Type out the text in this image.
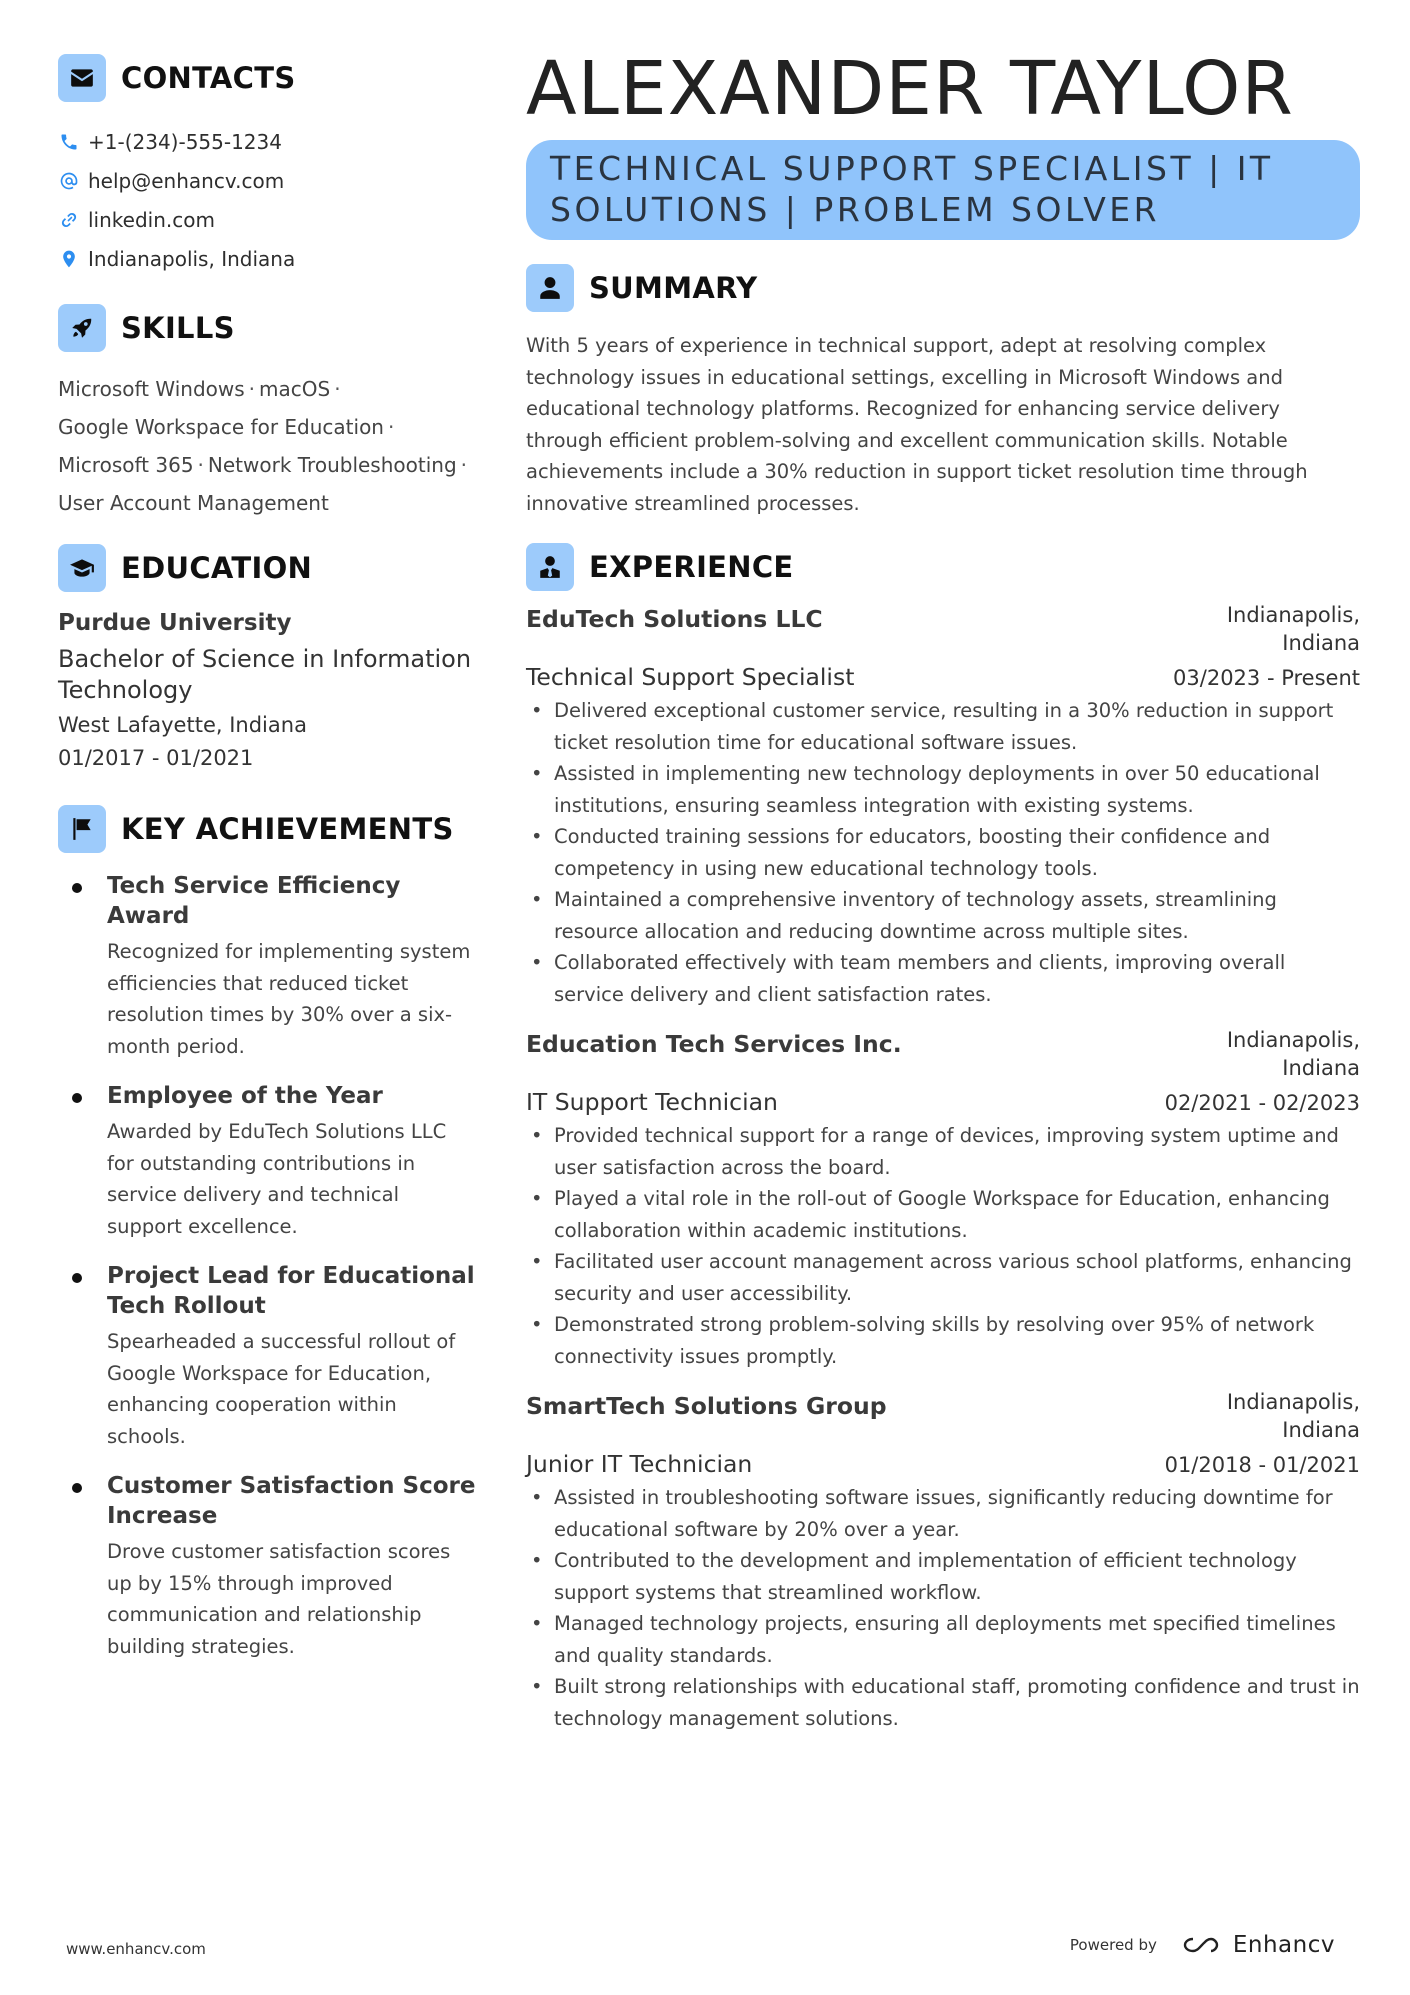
CONTACTS
+1-(234)-555-1234
help@enhancv.com
linkedin.com
Indianapolis, Indiana
SKILLS
Microsoft Windows · macOS ·
Google Workspace for Education ·
Microsoft 365 · Network Troubleshooting ·
User Account Management
EDUCATION
Purdue University
Bachelor of Science in Information Technology
West Lafayette, Indiana
01/2017 - 01/2021
KEY ACHIEVEMENTS
Tech Service Efficiency Award
Recognized for implementing system efficiencies that reduced ticket resolution times by 30% over a six-month period.
Employee of the Year
Awarded by EduTech Solutions LLC for outstanding contributions in service delivery and technical support excellence.
Project Lead for Educational Tech Rollout
Spearheaded a successful rollout of Google Workspace for Education, enhancing cooperation within schools.
Customer Satisfaction Score Increase
Drove customer satisfaction scores up by 15% through improved communication and relationship building strategies.
ALEXANDER TAYLOR
TECHNICAL SUPPORT SPECIALIST | IT SOLUTIONS | PROBLEM SOLVER
SUMMARY
With 5 years of experience in technical support, adept at resolving complex technology issues in educational settings, excelling in Microsoft Windows and educational technology platforms. Recognized for enhancing service delivery through efficient problem-solving and excellent communication skills. Notable achievements include a 30% reduction in support ticket resolution time through innovative streamlined processes.
EXPERIENCE
EduTech Solutions LLC	Indianapolis, Indiana
Technical Support Specialist	03/2023 - Present
• Delivered exceptional customer service, resulting in a 30% reduction in support ticket resolution time for educational software issues.
• Assisted in implementing new technology deployments in over 50 educational institutions, ensuring seamless integration with existing systems.
• Conducted training sessions for educators, boosting their confidence and competency in using new educational technology tools.
• Maintained a comprehensive inventory of technology assets, streamlining resource allocation and reducing downtime across multiple sites.
• Collaborated effectively with team members and clients, improving overall service delivery and client satisfaction rates.
Education Tech Services Inc.	Indianapolis, Indiana
IT Support Technician	02/2021 - 02/2023
• Provided technical support for a range of devices, improving system uptime and user satisfaction across the board.
• Played a vital role in the roll-out of Google Workspace for Education, enhancing collaboration within academic institutions.
• Facilitated user account management across various school platforms, enhancing security and user accessibility.
• Demonstrated strong problem-solving skills by resolving over 95% of network connectivity issues promptly.
SmartTech Solutions Group	Indianapolis, Indiana
Junior IT Technician	01/2018 - 01/2021
• Assisted in troubleshooting software issues, significantly reducing downtime for educational software by 20% over a year.
• Contributed to the development and implementation of efficient technology support systems that streamlined workflow.
• Managed technology projects, ensuring all deployments met specified timelines and quality standards.
• Built strong relationships with educational staff, promoting confidence and trust in technology management solutions.
www.enhancv.com	Powered by	Enhancv
